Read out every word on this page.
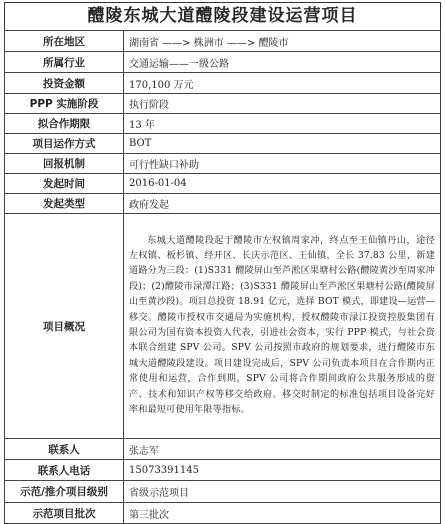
醴陵东城大道醴陵段建设运营项目
所在地区	湖南省 ——> 株洲市 ——> 醴陵市
所属行业	交通运输——一级公路
投资金额	170,100 万元
PPP 实施阶段	执行阶段
拟合作期限	13 年
项目运作方式	BOT
回报机制	可行性缺口补助
发起时间	2016-01-04
发起类型	政府发起
项目概况	东城大道醴陵段起于醴陵市左权镇周家冲，终点至王仙镇丹山，途径左权镇、板杉镇、经开区、长庆示范区、王仙镇，全长 37.83 公里，新建道路分为三段：(1)S331 醴陵屏山至芦淞区果塘村公路(醴陵黄沙至周家冲段)；(2)醴陵市渌潭江路；(3)S331 醴陵屏山至芦淞区果塘村公路(醴陵屏山至黄沙段)。项目总投资 18.91 亿元，选择 BOT 模式，即建设—运营—移交。醴陵市授权市交通局为实施机构，授权醴陵市渌江投资控股集团有限公司为国有资本投资人代表，引进社会资本，实行 PPP 模式，与社会资本联合组建 SPV 公司。SPV 公司按照市政府的规划要求，进行醴陵市东城大道醴陵段建设。项目建设完成后，SPV 公司负责本项目在合作期内正常使用和运营，合作到期，SPV 公司将合作期间政府公共服务形成的资产、技术和知识产权等移交给政府。移交时制定的标准包括项目设备完好率和最短可使用年限等指标。

联系人	张志军
联系人电话	15073391145
示范/推介项目级别	省级示范项目
示范项目批次	第三批次
